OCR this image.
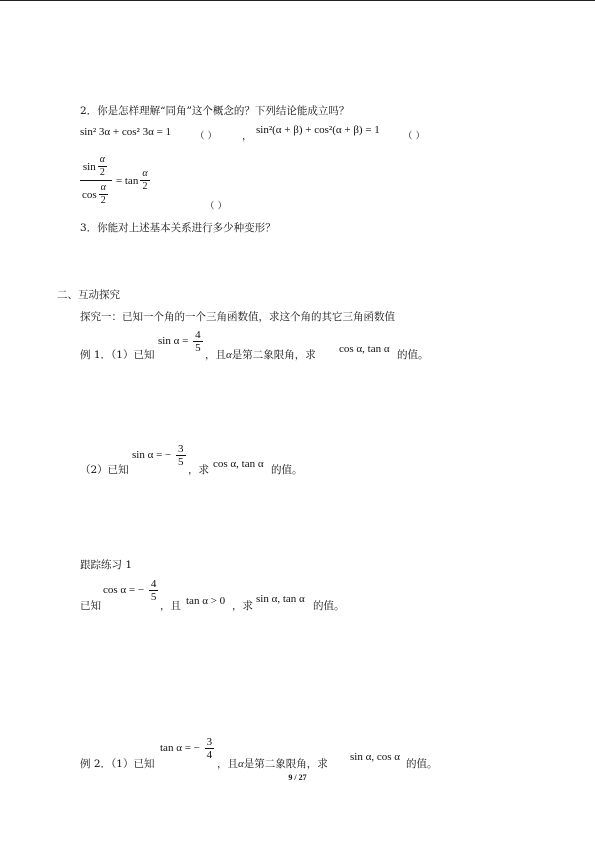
2．你是怎样理解“同角”这个概念的？下列结论能成立吗？
sin² 3α + cos² 3α = 1	（ ） ， sin²(α + β) + cos²(α + β) = 1
（ ）
$\frac{\sin \frac{\alpha}{2}}{\cos \frac{\alpha}{2}} = \tan \frac{\alpha}{2}$
（ ）
3．你能对上述基本关系进行多少种变形？
二、互动探究
探究一：已知一个角的一个三角函数值，求这个角的其它三角函数值
例 1．（1）已知
$\sin \alpha = \frac{4}{5}$
，且α是第二象限角，求 cos α, tan α 的值。
（2）已知
sin α = − $\frac{3}{5}$
，求 cos α, tan α 的值。
跟踪练习 1
已知
cos α = − $\frac{4}{5}$
，且 tan α > 0 ，求
sin α, tan α
的值。
例 2．（1）已知
tan α = − $\frac{3}{4}$
，且α是第二象限角，求
sin α, cos α
的值。
9 / 27
